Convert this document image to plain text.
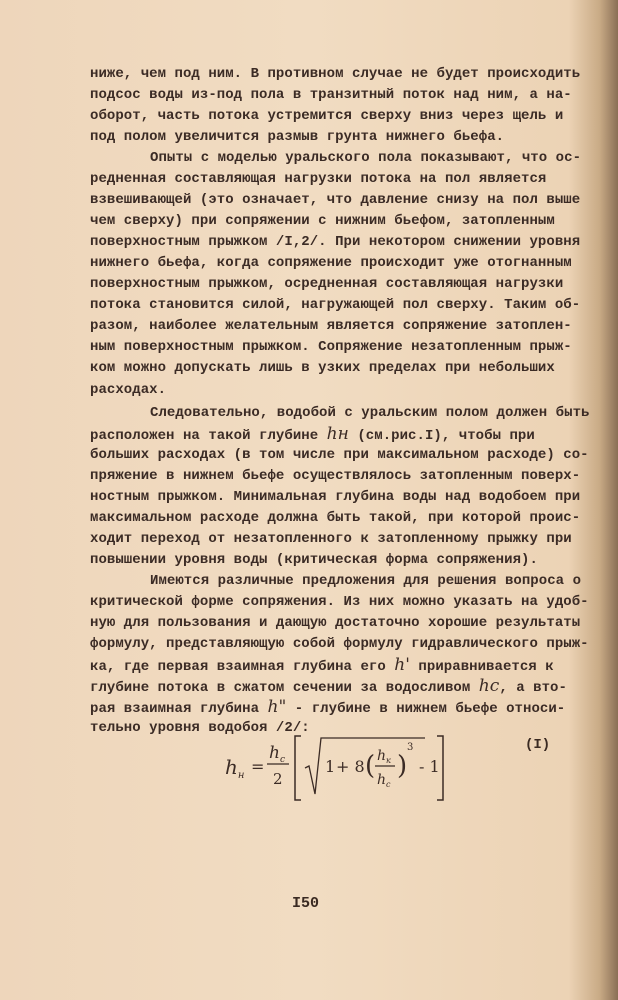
ниже, чем под ним. В противном случае не будет происходить
подсос воды из-под пола в транзитный поток над ним, а на-
оборот, часть потока устремится сверху вниз через щель и
под полом увеличится размыв грунта нижнего бьефа.
Опыты с моделью уральского пола показывают, что ос-
редненная составляющая нагрузки потока на пол является
взвешивающей (это означает, что давление снизу на пол выше
чем сверху) при сопряжении с нижним бьефом, затопленным
поверхностным прыжком /I,2/. При некотором снижении уровня
нижнего бьефа, когда сопряжение происходит уже отогнанным
поверхностным прыжком, осредненная составляющая нагрузки
потока становится силой, нагружающей пол сверху. Таким об-
разом, наиболее желательным является сопряжение затоплен-
ным поверхностным прыжком. Сопряжение незатопленным прыж-
ком можно допускать лишь в узких пределах при небольших
расходах.
Следовательно, водобой с уральским полом должен быть
расположен на такой глубине hн (см.рис.I), чтобы при
больших расходах (в том числе при максимальном расходе) со-
пряжение в нижнем бьефе осуществлялось затопленным поверх-
ностным прыжком. Минимальная глубина воды над водобоем при
максимальном расходе должна быть такой, при которой проис-
ходит переход от незатопленного к затопленному прыжку при
повышении уровня воды (критическая форма сопряжения).
Имеются различные предложения для решения вопроса о
критической форме сопряжения. Из них можно указать на удоб-
ную для пользования и дающую достаточно хорошие результаты
формулу, представляющую собой формулу гидравлического прыж-
ка, где первая взаимная глубина его h' приравнивается к
глубине потока в сжатом сечении за водосливом hc, а вто-
рая взаимная глубина h" - глубине в нижнем бьефе относи-
тельно уровня водобоя /2/:
$h_н$ =
$h_c$
2
1 + 8 ( $h_к$
$h_c$
)
3
- 1
(I)
I50
